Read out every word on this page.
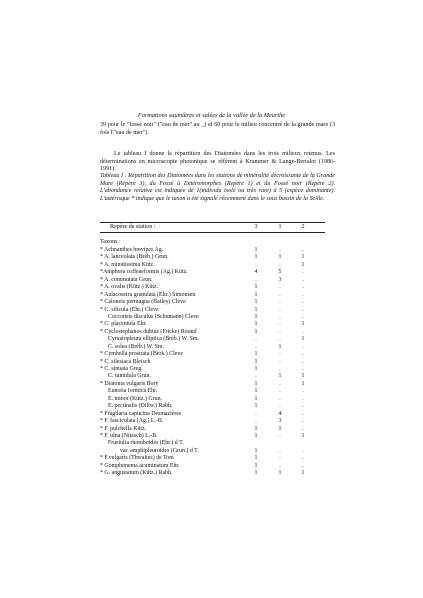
Formations saumâtres et salées de la vallée de la Meurthe

39 pour le "fossé noir" ("eau de mer" au _) et 60 pour le milieu concentré de la grande mare (3 fois l'"eau de mer").

Le tableau I donne la répartition des Diatomées dans les trois milieux retenus. Les déterminations en microscopie photonique se réfèrent à Krammer & Lange-Bertalot (1986-1991).

Tableau I : Répartition des Diatomées dans les stations de minéralité décroissante de la Grande Mare (Repère 3), du Fossé à Entéromorphes (Repère 1) et du Fossé noir (Repère 2). L'abondance relative est indiquée de 1(individu isolé ou très rare) à 5 (espèce dominante). L'astérisque * indique que le taxon a été signalé récemment dans le sous bassin de la Seille.

Repère de station :	3	1	2
Taxons :
* Achnanthes brevipes Ag.	1	.	.
* A. lanceolata (Bréb.) Grun.	1	1	1
* A. minutissima Kütz.	.	.	1
*Amphora coffeaeformis (Ag.) Kütz.	4	5	.
* A. commutata Grun.	.	3	.
* A. ovalis (Kütz.) Kütz.	1	.	.
* Aulacoseira granulata (Ehr.) Simonsen	1	.	.
* Caloneis permagna (Bailey) Cleve	1	.	.
* C. silicula (Ehr.) Cleve	1	.	.
Cocconeis disculus (Schumann) Cleve	1	.	.
* C. placentula Ehr.	1	.	1
* Cyclostephanos dubius (Fricke) Round	1	.	.
Cymatopleura elliptica (Bréb.) W. Sm.	.	.	1
C. solea (Bréb.) W. Sm.	.	1	.
* Cymbella prostrata (Berk.) Cleve	1	.	.
* C. silesiaca Bleisch	1	.	.
* C. sinuata Greg.	1	.	.
C. tumidula Grun.	.	1	1
* Diatoma vulgaris Bory	1	.	1
Eunotia formica Ehr.	1	.	.
E. minor (Kütz.) Grun.	1	.	.
E. pectinalis (Dillw.) Rabh.	1	.	.
* Fragilaria capucina Desmazières	.	4	.
* F. fasciculata (Ag.) L.-B.	.	3	.
* F. pulchella Kütz.	1	1	.
* F. ulna (Nitzsch) L.-B.	1	.	1
Frustulia rhomboides (Ehr.) d T.
var. amphipleuroides (Grun.) d T.	1	.	.
* F.vulgaris (Thwaites) de Toni	1	.	.
* Gomphonema acuminatum Ehr.	1	.	.
* G. angustatum (Kütz.) Rabh.	1	1	1
